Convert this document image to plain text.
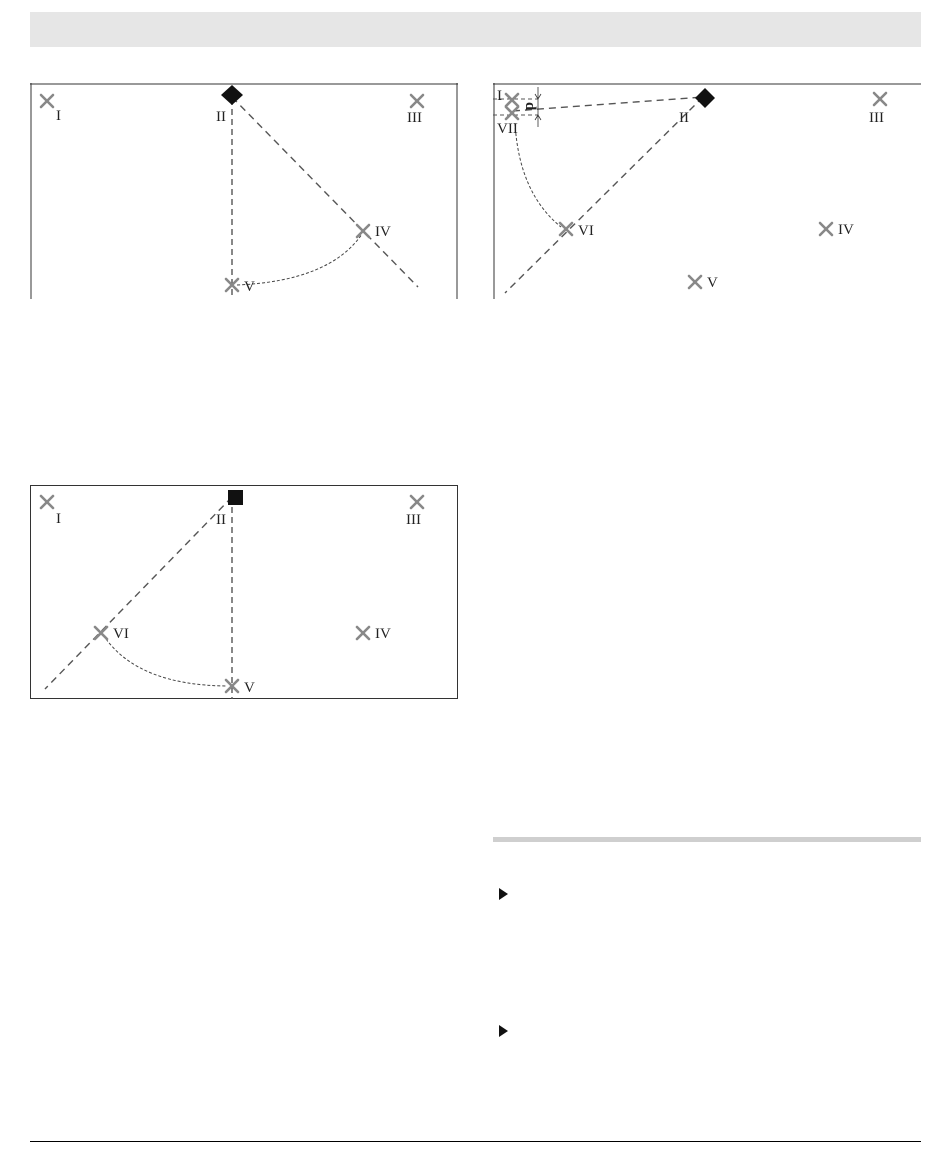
I	II	III
IV
V
d
I
VII
II	III
VI	IV
V
I	II	III
VI	IV
V
